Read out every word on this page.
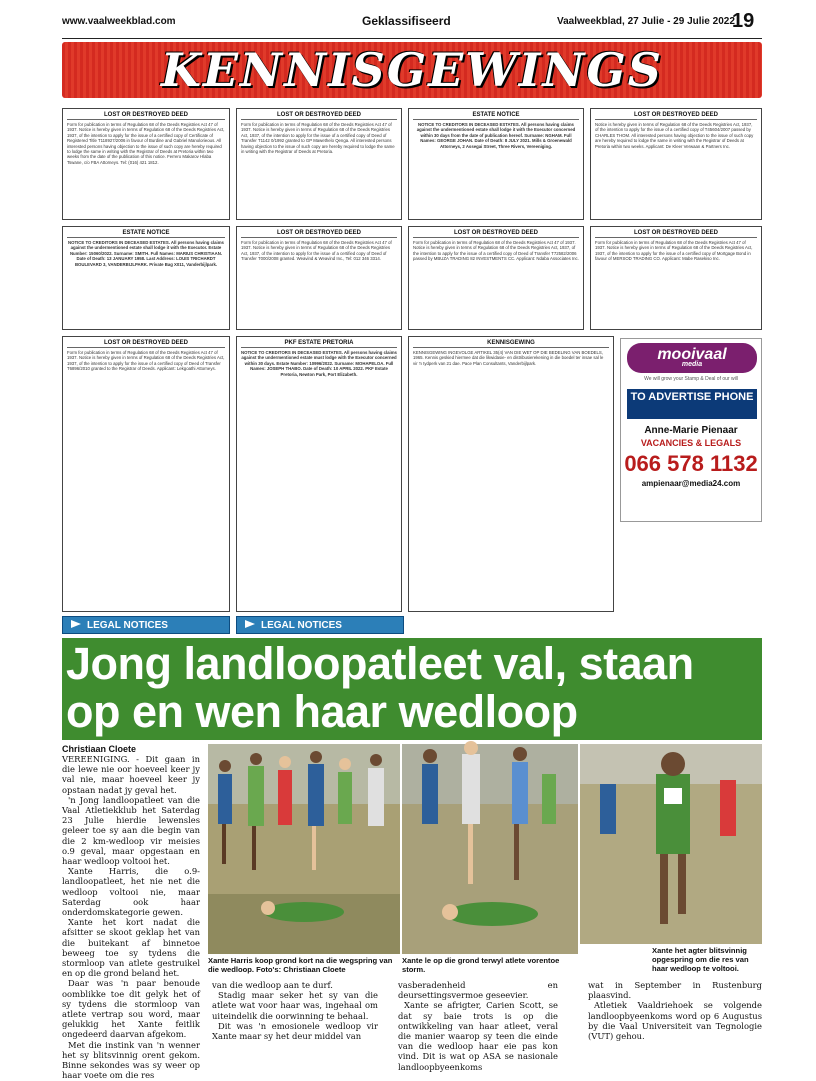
www.vaalweekblad.com	Geklassifiseerd	Vaalweekblad, 27 Julie - 29 Julie 2022
19
KENNISGEWINGS
LOST OR DESTROYED DEED
Form for publication in terms of Regulation 68 of the Deeds Registries Act 47 of 1937. Notice is hereby given in terms of Regulation 68 of the Deeds Registries Act, 1937, of the intention to apply for the issue of a certified copy of Certificate of Registered Title T118927/2006 in favour of Burdine and Gabriel Manolorieous. All interested persons having objection to the issue of such copy are hereby required to lodge the same in writing with the Registrar of Deeds at Pretoria within two weeks from the date of the publication of this notice. Ferrero Makarov Hlaba Tswane, c/o FBA Attorneys. Tel: (016) 421 1812.
LOST OR DESTROYED DEED
Form for publication in terms of Regulation 68 of the Deeds Registries Act 47 of 1937. Notice is hereby given in terms of Regulation 68 of the Deeds Registries Act, 1937, of the intention to apply for the issue of a certified copy of Deed of Transfer T1142 0/1992 granted to GP Mawethelo Qenga. All interested persons having objection to the issue of such copy are hereby required to lodge the same in writing with the Registrar of Deeds at Pretoria.
ESTATE NOTICE
NOTICE TO CREDITORS IN DECEASED ESTATES. All persons having claims against the undermentioned estate shall lodge it with the Executor concerned within 30 days from the date of publication hereof. Surname: NGHAM. Full Names: GEORGE JOHAN. Date of Death: 8 JULY 2021. Mills & Groenewald Attorneys, 2 Assegai Street, Three Rivers, Vereeniging.
LOST OR DESTROYED DEED
Notice is hereby given in terms of Regulation 68 of the Deeds Registries Act, 1937, of the intention to apply for the issue of a certified copy of T45604/2007 passed by CHARLES THOM. All interested persons having objection to the issue of such copy are hereby required to lodge the same in writing with the Registrar of Deeds at Pretoria within two weeks. Applicant: De Kleer Verwaan & Partners Inc.
ESTATE NOTICE
NOTICE TO CREDITORS IN DECEASED ESTATES. All persons having claims against the undermentioned estate shall lodge it with the Executor. Estate Number: 15060/2022. Surname: SMITH. Full Names: MARIUS CHRISTIAAN. Date of Death: 13 JANUARY 1958. Last Address: LOUIS TRICHARDT BOULEVARD 3, VANDERBIJLPARK. Private Bag X011, Vanderbijlpark.
LOST OR DESTROYED DEED
Form for publication in terms of Regulation 68 of the Deeds Registries Act 47 of 1937. Notice is hereby given in terms of Regulation 68 of the Deeds Registries Act, 1937, of the intention to apply for the issue of a certified copy of Deed of Transfer T000/2008 granted. Weavind & Weavind Inc., Tel: 012 346 3314.
LOST OR DESTROYED DEED
Form for publication in terms of Regulation 68 of the Deeds Registries Act 47 of 1937. Notice is hereby given in terms of Regulation 68 of the Deeds Registries Act, 1937, of the intention to apply for the issue of a certified copy of Deed of Transfer T72582/2006 passed by MBUZA TRADING 82 INVESTMENTS CC. Applicant: Ndaba Associates Inc.
LOST OR DESTROYED DEED
Form for publication in terms of Regulation 68 of the Deeds Registries Act 47 of 1937. Notice is hereby given in terms of Regulation 68 of the Deeds Registries Act, 1937, of the intention to apply for the issue of a certified copy of Mortgage Bond in favour of MERSOD TRADING CO. Applicant: Mabe Rasekiso Inc.
LOST OR DESTROYED DEED
Form for publication in terms of Regulation 68 of the Deeds Registries Act 47 of 1937. Notice is hereby given in terms of Regulation 68 of the Deeds Registries Act, 1937, of the intention to apply for the issue of a certified copy of Deed of Transfer T6896/2010 granted to the Registrar of Deeds. Applicant: Lekgoathi Attorneys.
PKF ESTATE PRETORIA
NOTICE TO CREDITORS IN DECEASED ESTATES. All persons having claims against the undermentioned estate must lodge with the Executor concerned within 30 days. Estate Number: 10996/2022. Surname: MOHAPELOA. Full Names: JOSEPH THABO. Date of Death: 10 APRIL 2022. PKF Estate Pretoria, Newton Park, Port Elizabeth.
KENNISGEWING
KENNISGEWING INGEVOLGE ARTIKEL 35(4) VAN DIE WET OP DIE BEDELING VAN BOEDELS, 1965. Kennis geskied hiermee dat die likwidasie- en distribusierekening in die boedel ter insae sal le vir 'n tydperk van 21 dae. Pace Plan Consultants, Vanderbijlpark.
mooivaal
media
We will grow your Stamp & Deal of our will
TO ADVERTISE PHONE
Anne-Marie Pienaar
VACANCIES & LEGALS
066 578 1132
ampienaar@media24.com
LEGAL NOTICES	LEGAL NOTICES
Jong landloopatleet val, staan op en wen haar wedloop
Christiaan Cloete

VEREENIGING. - Dit gaan in die lewe nie oor hoeveel keer jy val nie, maar hoeveel keer jy opstaan nadat jy geval het.

'n Jong landloopatleet van die Vaal Atletiekklub het Saterdag 23 Julie hierdie lewensles geleer toe sy aan die begin van die 2 km-wedloop vir meisies o.9 geval, maar opgestaan en haar wedloop voltooi het.

Xante Harris, die o.9-landloopatleet, het nie net die wedloop voltooi nie, maar Saterdag ook haar onderdomskategorie gewen.

Xante het kort nadat die afsitter se skoot geklap het van die buitekant af binnetoe beweeg toe sy tydens die stormloop van atlete gestruikel en op die grond beland het.

Daar was 'n paar benoude oomblikke toe dit gelyk het of sy tydens die stormloop van atlete vertrap sou word, maar gelukkig het Xante feitlik ongedeerd daarvan afgekom.

Met die instink van 'n wenner het sy blitsvinnig orent gekom. Binne sekondes was sy weer op haar voete om die res

Xante Harris koop grond kort na die wegspring van die wedloop. Foto's: Christiaan Cloete
Xante le op die grond terwyl atlete vorentoe storm.
Xante het agter blitsvinnig opgespring om die res van haar wedloop te voltooi.

van die wedloop aan te durf.

Stadig maar seker het sy van die atlete wat voor haar was, ingehaal om uiteindelik die oorwinning te behaal.

Dit was 'n emosionele wedloop vir Xante maar sy het deur middel van

vasberadenheid en deursettingsvermoe geseevier.

Xante se afrigter, Carien Scott, se dat sy baie trots is op die ontwikkeling van haar atleet, veral die manier waarop sy teen die einde van die wedloop haar eie pas kon vind. Dit is wat op ASA se nasionale landloopbyeenkoms

wat in September in Rustenburg plaasvind.

Atletiek Vaaldriehoek se volgende landloopbyeenkoms word op 6 Augustus by die Vaal Universiteit van Tegnologie (VUT) gehou.
